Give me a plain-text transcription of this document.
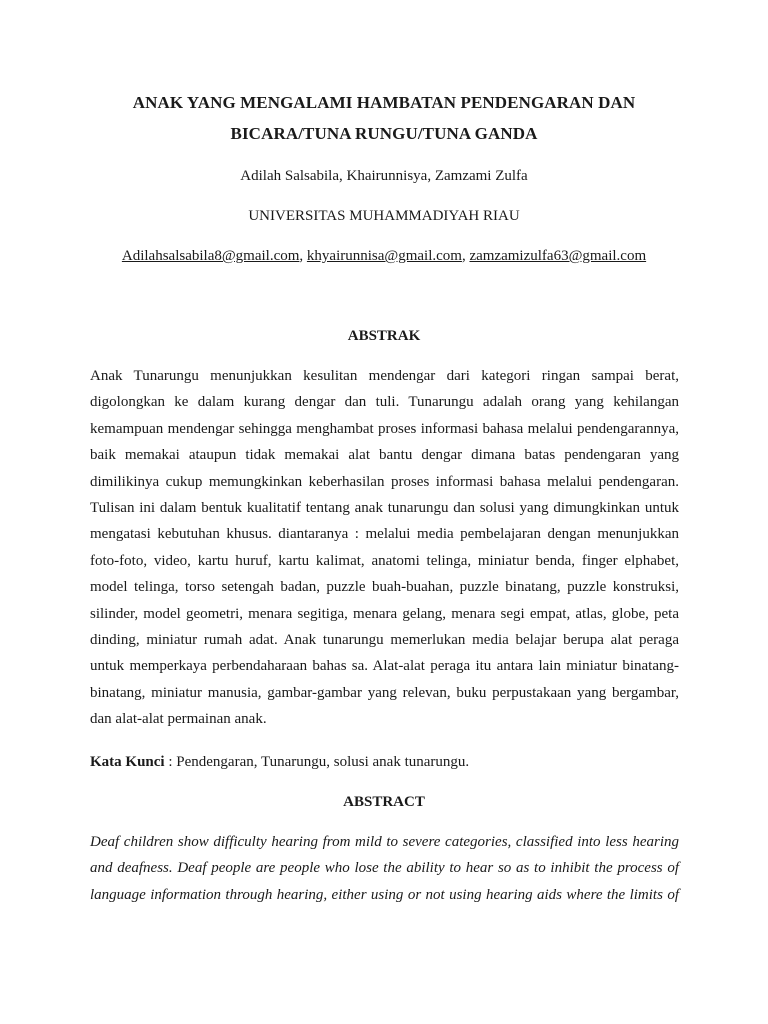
ANAK YANG MENGALAMI HAMBATAN PENDENGARAN DAN
BICARA/TUNA RUNGU/TUNA GANDA
Adilah Salsabila, Khairunnisya, Zamzami Zulfa
UNIVERSITAS MUHAMMADIYAH RIAU
Adilahsalsabila8@gmail.com, khyairunnisa@gmail.com, zamzamizulfa63@gmail.com
ABSTRAK
Anak Tunarungu menunjukkan kesulitan mendengar dari kategori ringan sampai berat,
digolongkan ke dalam kurang dengar dan tuli. Tunarungu adalah orang yang kehilangan
kemampuan mendengar sehingga menghambat proses informasi bahasa melalui pendengarannya,
baik memakai ataupun tidak memakai alat bantu dengar dimana batas pendengaran yang
dimilikinya cukup memungkinkan keberhasilan proses informasi bahasa melalui pendengaran.
Tulisan ini dalam bentuk kualitatif tentang anak tunarungu dan solusi yang dimungkinkan untuk
mengatasi kebutuhan khusus. diantaranya : melalui media pembelajaran dengan menunjukkan
foto-foto, video, kartu huruf, kartu kalimat, anatomi telinga, miniatur benda, finger elphabet,
model telinga, torso setengah badan, puzzle buah-buahan, puzzle binatang, puzzle konstruksi,
silinder, model geometri, menara segitiga, menara gelang, menara segi empat, atlas, globe, peta
dinding, miniatur rumah adat. Anak tunarungu memerlukan media belajar berupa alat peraga
untuk memperkaya perbendaharaan bahas sa. Alat-alat peraga itu antara lain miniatur binatang-
binatang, miniatur manusia, gambar-gambar yang relevan, buku perpustakaan yang bergambar,
dan alat-alat permainan anak.
Kata Kunci : Pendengaran, Tunarungu, solusi anak tunarungu.
ABSTRACT
Deaf children show difficulty hearing from mild to severe categories, classified into less hearing
and deafness. Deaf people are people who lose the ability to hear so as to inhibit the process of
language information through hearing, either using or not using hearing aids where the limits of
